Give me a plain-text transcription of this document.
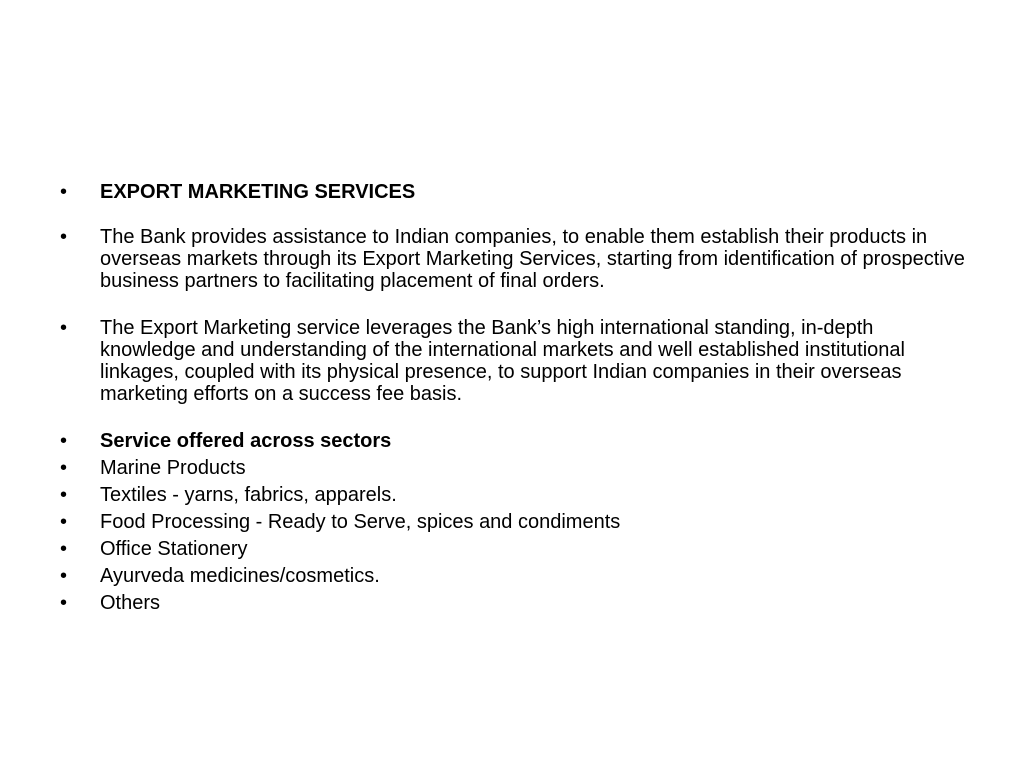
•	EXPORT MARKETING SERVICES
•	The Bank provides assistance to Indian companies, to enable them establish their products in overseas markets through its Export Marketing Services, starting from identification of prospective business partners to facilitating placement of final orders.
•	The Export Marketing service leverages the Bank’s high international standing, in-depth knowledge and understanding of the international markets and well established institutional linkages, coupled with its physical presence, to support Indian companies in their overseas marketing efforts on a success fee basis.
•	Service offered across sectors
•	Marine Products
•	Textiles - yarns, fabrics, apparels.
•	Food Processing - Ready to Serve, spices and condiments
•	Office Stationery
•	Ayurveda medicines/cosmetics.
•	Others
